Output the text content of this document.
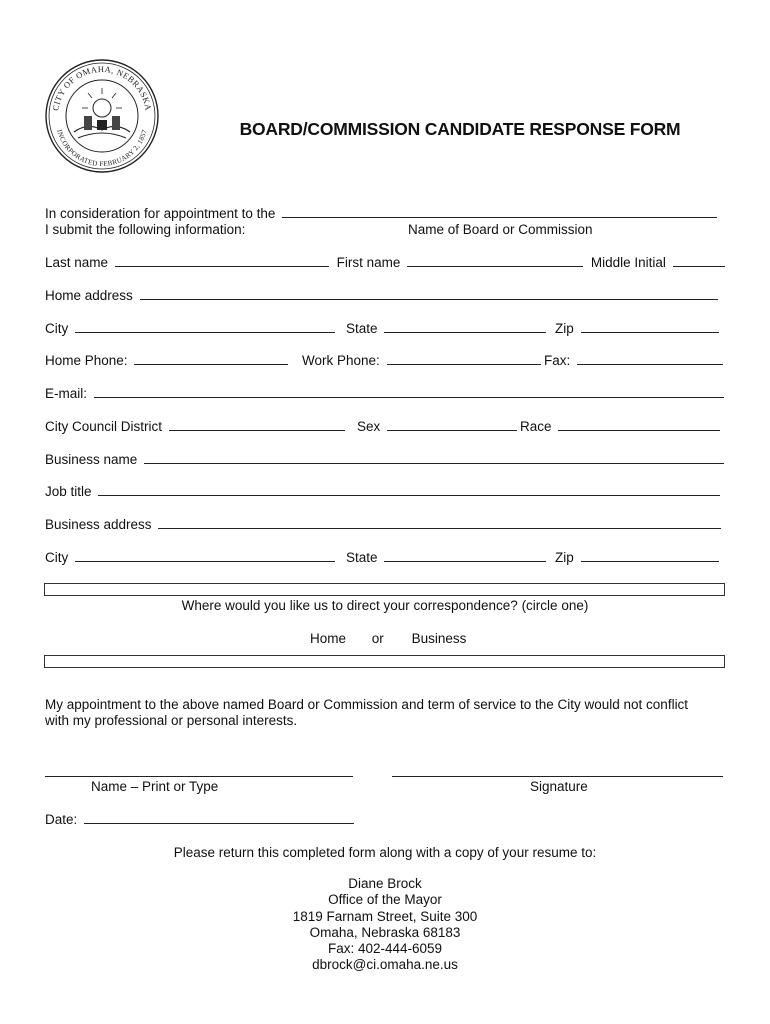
CITY OF OMAHA, NEBRASKA
INCORPORATED FEBRUARY 2, 1857	BOARD/COMMISSION CANDIDATE RESPONSE FORM
In consideration for appointment to the
I submit the following information:	Name of Board or Commission
Last name	First name	Middle Initial
Home address
City	State	Zip
Home Phone:	Work Phone:	Fax:
E-mail:
City Council District	Sex	Race
Business name
Job title
Business address
City	State	Zip
Where would you like us to direct your correspondence? (circle one)
Home or Business
My appointment to the above named Board or Commission and term of service to the City would not conflict
with my professional or personal interests.
Name – Print or Type	Signature
Date:
Please return this completed form along with a copy of your resume to:
Diane Brock
Office of the Mayor
1819 Farnam Street, Suite 300
Omaha, Nebraska 68183
Fax: 402-444-6059
dbrock@ci.omaha.ne.us
